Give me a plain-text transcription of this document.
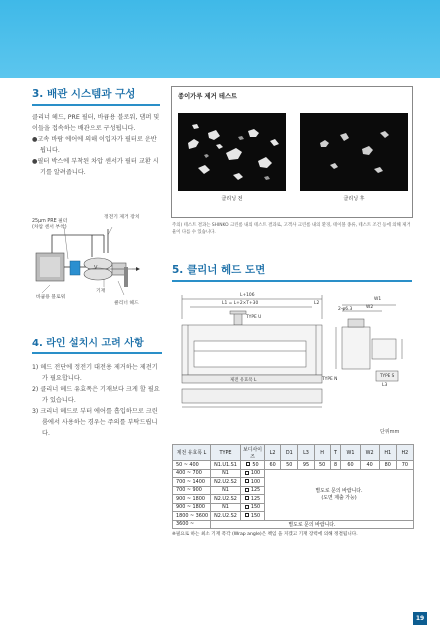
3. 배관 시스템과 구성

클리너 헤드, PRE 필터, 바큠용 블로워, 댐퍼 및 이들을 접속하는 배관으로 구성됩니다.

●고속 바람 에어에 의해 이입자가 필터로 운반됩니다.

●필터 박스에 부착된 차압 센서가 필터 교환 시기를 알려줍니다.

정전기 제거 장치
25μm PRE 필터 (차압 센서 부착)
V
기재
바큠용 블로워
클리너 헤드
4. 라인 설치시 고려 사항

1) 헤드 전단에 정전기 대전용 제거하는 제전기가 필요합니다.

2) 클리너 헤드 유효폭은 기재보다 크게 할 필요가 있습니다.

3) 크리너 헤드로 부터 에어를 흡입하므로 크린룸에서 사용하는 경우는 주의를 부탁드립니다.

종이가루 제거 테스트
클리닝 전	클리닝 후
주의) 테스트 결과는 SHINKO 크린룸 내의 테스트 결과로, 고객사 크린룸 내의 환경, 테이블 종류, 테스트 조건 등에 의해 제거율이 다를 수 있습니다.
5. 클리너 헤드 도면
L+106
L1 = L+2×T+30	L2
TYPE U
TYPE N
TYPE S
W1
W2
2-φ6.3
L3
제전 유효폭 L
단위mm
제전 유효폭 L	TYPE	보디사이즈	L2	D1	L3	H	T	W1	W2	H1	H2
50 ~ 400	N1.U1.S1	50	60	50	95	50	8	60	40	80	70
400 ~ 700	N1	100	별도로 문의 바랍니다.
(도면 제출 가능)								
700 ~ 1400	N2.U2.S2	100									
700 ~ 900	N1	125									
900 ~ 1800	N2.U2.S2	125									
900 ~ 1800	N1	150									
1800 ~ 3600	N2.U2.S2	150									
3600 ~	별도로 문의 바랍니다.										
※필요로 하는 최소 기재 폭각 (Wrap angle)은 책임 을 지겠고 기재 장력에 의해 정결됩니다.
19
